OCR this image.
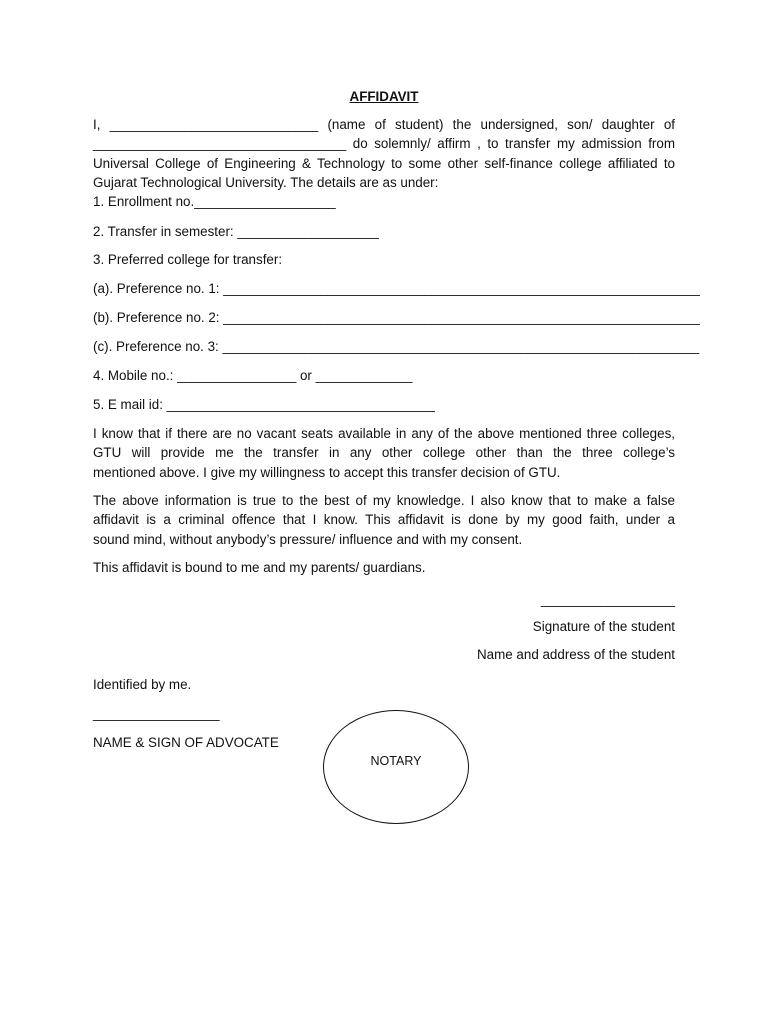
AFFIDAVIT
I, ____________________________ (name of student) the undersigned, son/ daughter of
__________________________________ do solemnly/ affirm , to transfer my admission from
Universal College of Engineering & Technology to some other self-finance college affiliated to
Gujarat Technological University. The details are as under:
1. Enrollment no.___________________
2. Transfer in semester: ___________________
3. Preferred college for transfer:
(a). Preference no. 1: ________________________________________________________________
(b). Preference no. 2: ________________________________________________________________
(c). Preference no. 3: ________________________________________________________________
4. Mobile no.: ________________ or _____________
5. E mail id: ____________________________________
I know that if there are no vacant seats available in any of the above mentioned three colleges,
GTU will provide me the transfer in any other college other than the three college’s
mentioned above. I give my willingness to accept this transfer decision of GTU.
The above information is true to the best of my knowledge. I also know that to make a false
affidavit is a criminal offence that I know. This affidavit is done by my good faith, under a
sound mind, without anybody’s pressure/ influence and with my consent.
This affidavit is bound to me and my parents/ guardians.
__________________
Signature of the student
Name and address of the student
Identified by me.
_________________
NAME & SIGN OF ADVOCATE
NOTARY
